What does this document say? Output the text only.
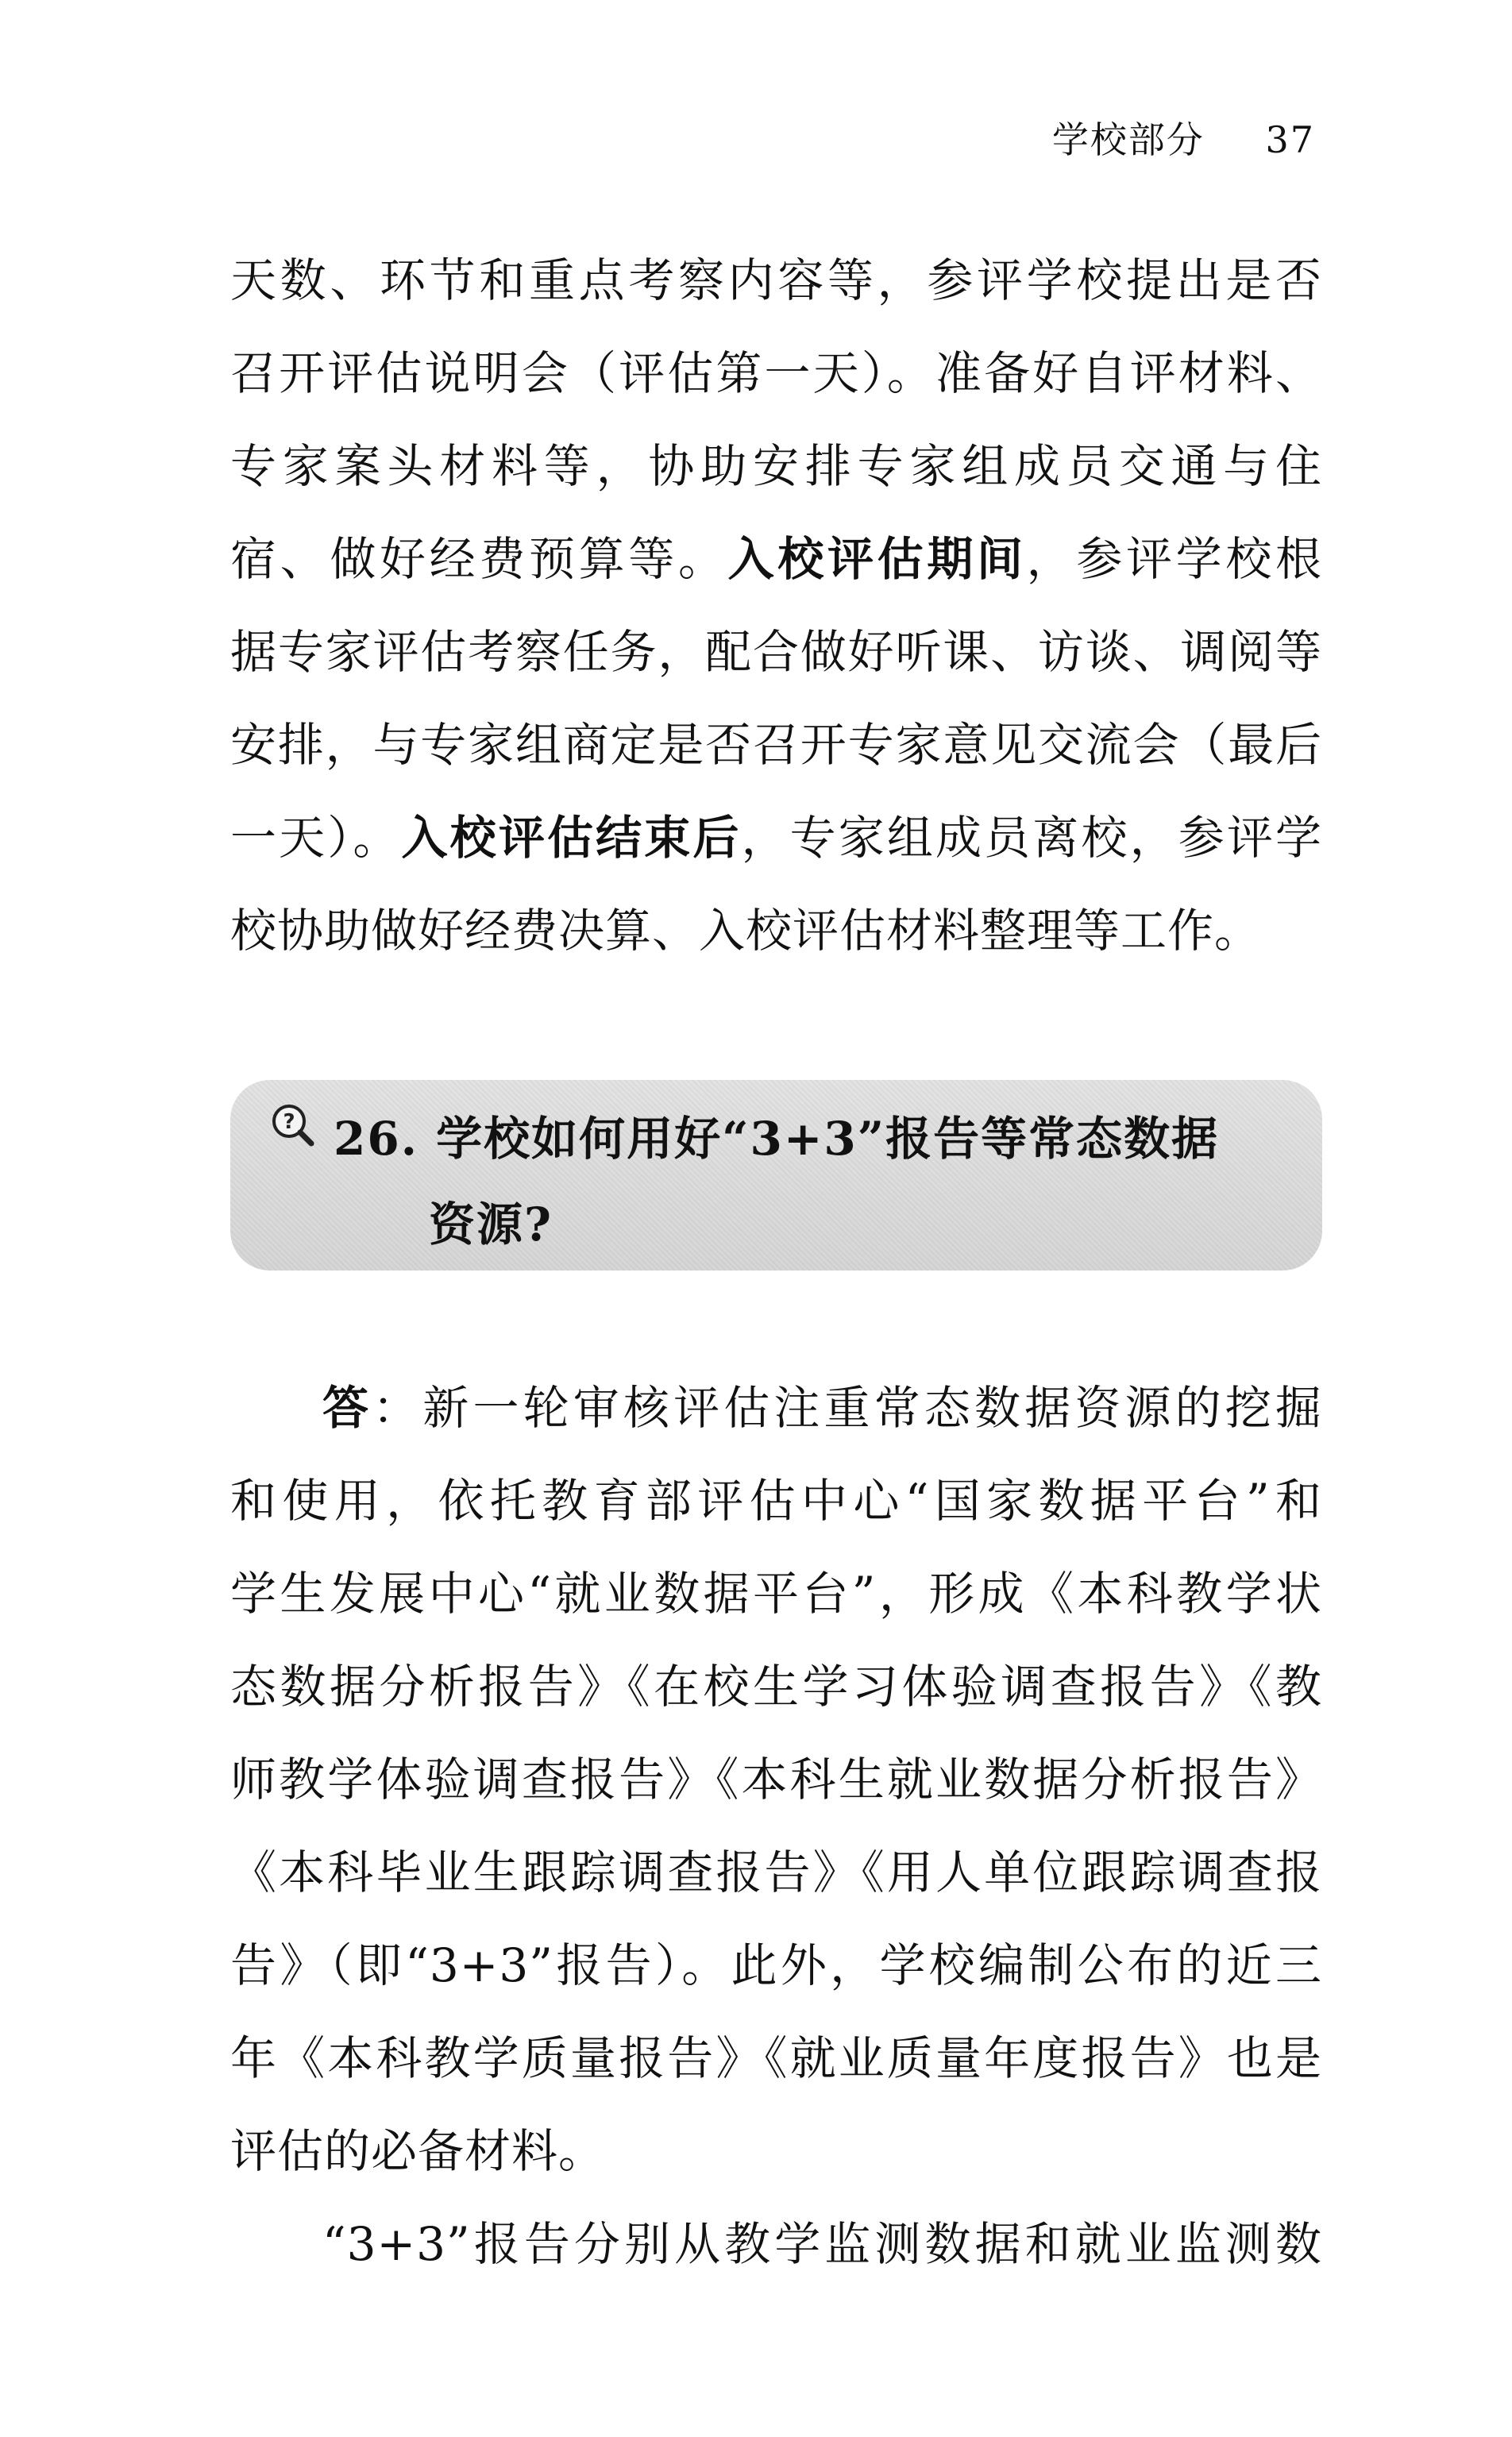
学校部分 37
天数、环节和重点考察内容等，参评学校提出是否
召开评估说明会（评估第一天）。准备好自评材料、
专家案头材料等，协助安排专家组成员交通与住
宿、做好经费预算等。入校评估期间，参评学校根
据专家评估考察任务，配合做好听课、访谈、调阅等
安排，与专家组商定是否召开专家意见交流会（最后
一天）。入校评估结束后，专家组成员离校，参评学
校协助做好经费决算、入校评估材料整理等工作。
? 26. 学校如何用好“3+3”报告等常态数据
资源?
答：新一轮审核评估注重常态数据资源的挖掘
和使用，依托教育部评估中心“国家数据平台”和
学生发展中心“就业数据平台”，形成《本科教学状
态数据分析报告》《在校生学习体验调查报告》《教
师教学体验调查报告》《本科生就业数据分析报告》
《本科毕业生跟踪调查报告》《用人单位跟踪调查报
告》（即“3+3”报告）。此外，学校编制公布的近三
年《本科教学质量报告》《就业质量年度报告》也是
评估的必备材料。
“3+3”报告分别从教学监测数据和就业监测数
